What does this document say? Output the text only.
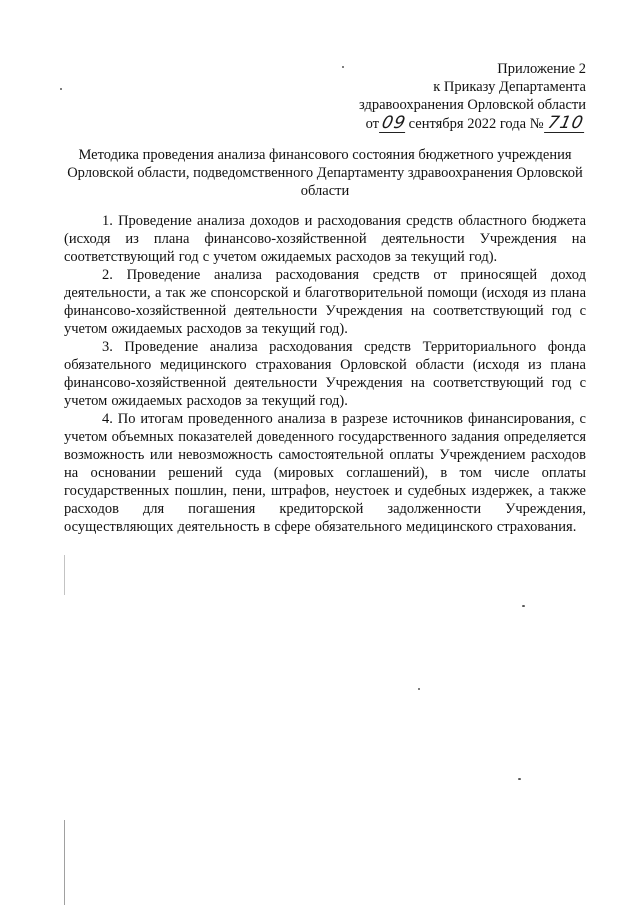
Приложение 2
к Приказу Департамента
здравоохранения Орловской области
от09сентября 2022 года № 710
Методика проведения анализа финансового состояния бюджетного учреждения Орловской области, подведомственного Департаменту здравоохранения Орловской области

1. Проведение анализа доходов и расходования средств областного бюджета (исходя из плана финансово-хозяйственной деятельности Учреждения на соответствующий год с учетом ожидаемых расходов за текущий год).

2. Проведение анализа расходования средств от приносящей доход деятельности, а так же спонсорской и благотворительной помощи (исходя из плана финансово-хозяйственной деятельности Учреждения на соответствующий год с учетом ожидаемых расходов за текущий год).

3. Проведение анализа расходования средств Территориального фонда обязательного медицинского страхования Орловской области (исходя из плана финансово-хозяйственной деятельности Учреждения на соответствующий год с учетом ожидаемых расходов за текущий год).

4. По итогам проведенного анализа в разрезе источников финансирования, с учетом объемных показателей доведенного государственного задания определяется возможность или невозможность самостоятельной оплаты Учреждением расходов на основании решений суда (мировых соглашений), в том числе оплаты государственных пошлин, пени, штрафов, неустоек и судебных издержек, а также расходов для погашения кредиторской задолженности Учреждения, осуществляющих деятельность в сфере обязательного медицинского страхования.
